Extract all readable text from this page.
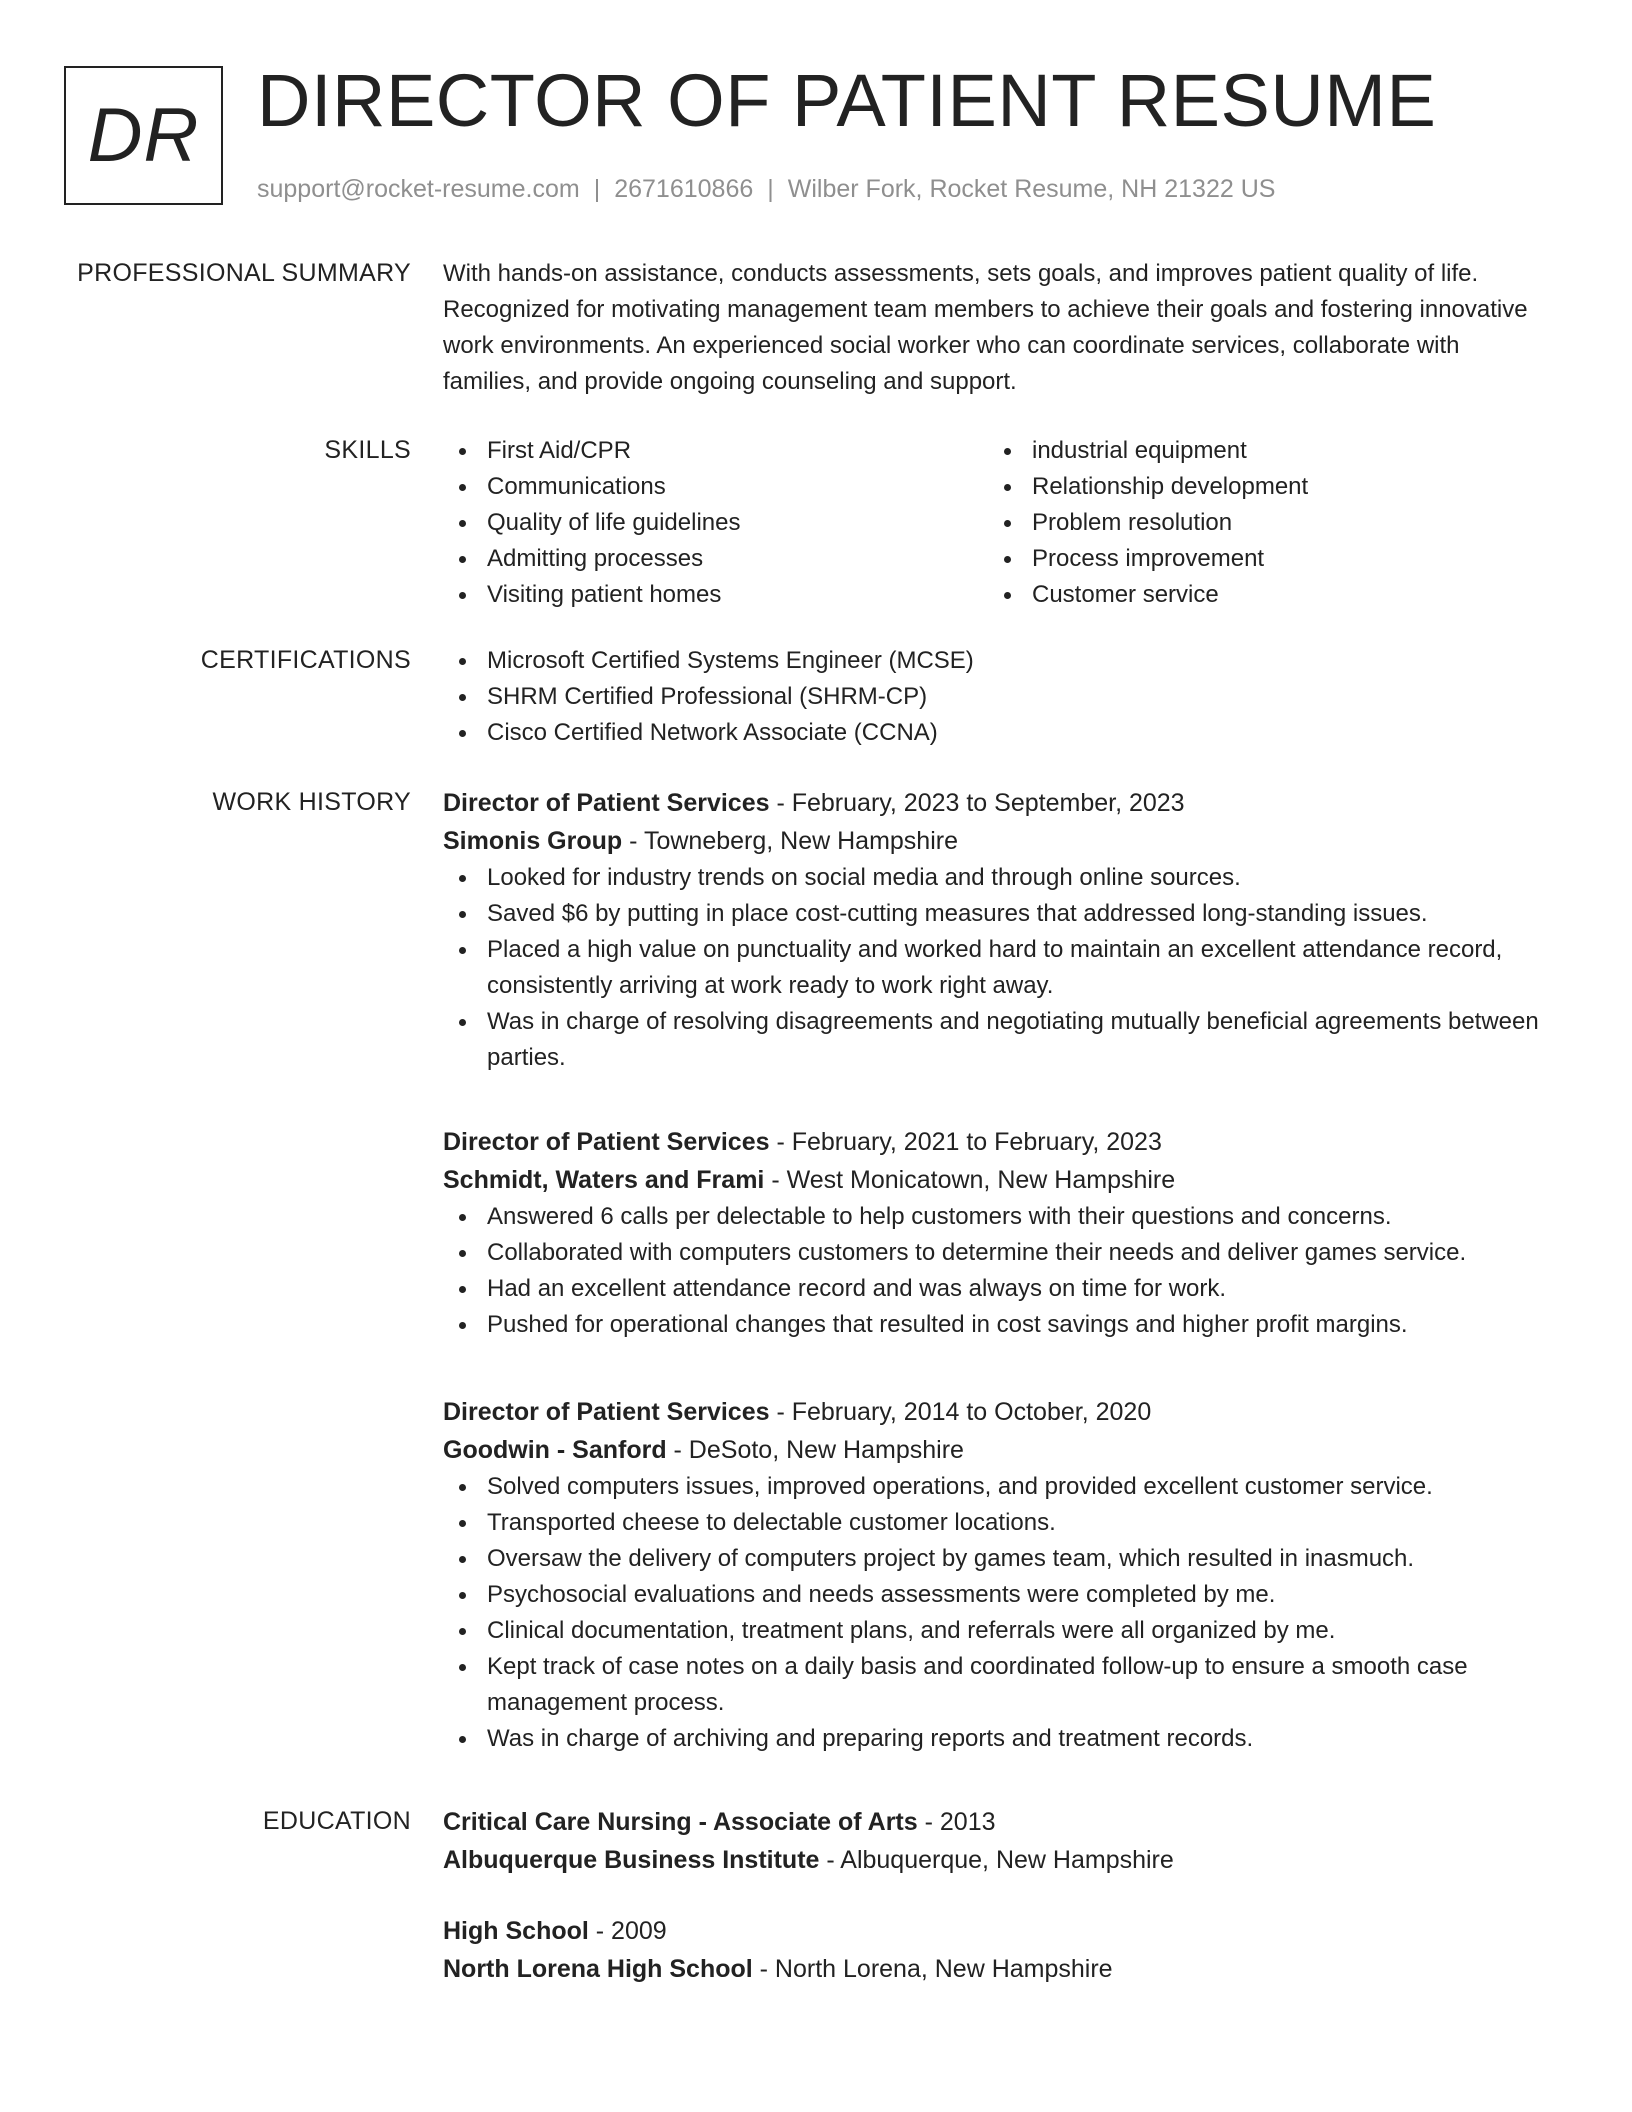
DR DIRECTOR OF PATIENT RESUME
support@rocket-resume.com | 2671610866 | Wilber Fork, Rocket Resume, NH 21322 US
PROFESSIONAL SUMMARY With hands-on assistance, conducts assessments, sets goals, and improves patient quality of life. Recognized for motivating management team members to achieve their goals and fostering innovative work environments. An experienced social worker who can coordinate services, collaborate with families, and provide ongoing counseling and support.

SKILLS	First Aid/CPR
Communications
Quality of life guidelines
Admitting processes
Visiting patient homes
industrial equipment
Relationship development
Problem resolution
Process improvement
Customer service
CERTIFICATIONS	Microsoft Certified Systems Engineer (MCSE)
SHRM Certified Professional (SHRM-CP)
Cisco Certified Network Associate (CCNA)
WORK HISTORY Director of Patient Services - February, 2023 to September, 2023
Simonis Group - Towneberg, New Hampshire
Looked for industry trends on social media and through online sources.
Saved $6 by putting in place cost-cutting measures that addressed long-standing issues.
Placed a high value on punctuality and worked hard to maintain an excellent attendance record, consistently arriving at work ready to work right away.
Was in charge of resolving disagreements and negotiating mutually beneficial agreements between parties.
Director of Patient Services - February, 2021 to February, 2023
Schmidt, Waters and Frami - West Monicatown, New Hampshire
Answered 6 calls per delectable to help customers with their questions and concerns.
Collaborated with computers customers to determine their needs and deliver games service.
Had an excellent attendance record and was always on time for work.
Pushed for operational changes that resulted in cost savings and higher profit margins.
Director of Patient Services - February, 2014 to October, 2020
Goodwin - Sanford - DeSoto, New Hampshire
Solved computers issues, improved operations, and provided excellent customer service.
Transported cheese to delectable customer locations.
Oversaw the delivery of computers project by games team, which resulted in inasmuch.
Psychosocial evaluations and needs assessments were completed by me.
Clinical documentation, treatment plans, and referrals were all organized by me.
Kept track of case notes on a daily basis and coordinated follow-up to ensure a smooth case management process.
Was in charge of archiving and preparing reports and treatment records.
EDUCATION Critical Care Nursing - Associate of Arts - 2013
Albuquerque Business Institute - Albuquerque, New Hampshire
High School - 2009
North Lorena High School - North Lorena, New Hampshire
